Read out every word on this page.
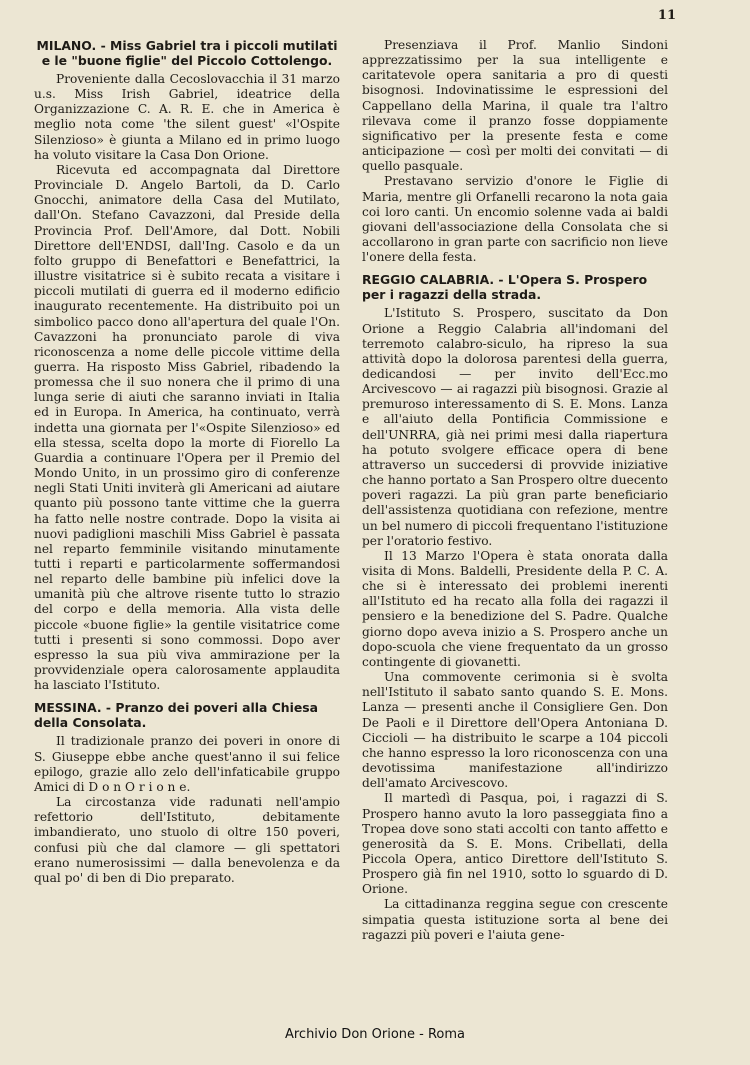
11
MILANO. - Miss Gabriel tra i piccoli mutilati e le "buone figlie" del Piccolo Cottolengo.

Proveniente dalla Cecoslovacchia il 31 marzo u.s. Miss Irish Gabriel, ideatrice della Organizzazione C. A. R. E. che in America è meglio nota come 'the silent guest' «l'Ospite Silenzioso» è giunta a Milano ed in primo luogo ha voluto visitare la Casa Don Orione.

Ricevuta ed accompagnata dal Direttore Provinciale D. Angelo Bartoli, da D. Carlo Gnocchi, animatore della Casa del Mutilato, dall'On. Stefano Cavazzoni, dal Preside della Provincia Prof. Dell'Amore, dal Dott. Nobili Direttore dell'ENDSI, dall'Ing. Casolo e da un folto gruppo di Benefattori e Benefattrici, la illustre visitatrice si è subito recata a visitare i piccoli mutilati di guerra ed il moderno edificio inaugurato recentemente. Ha distribuito poi un simbolico pacco dono all'apertura del quale l'On. Cavazzoni ha pronunciato parole di viva riconoscenza a nome delle piccole vittime della guerra. Ha risposto Miss Gabriel, ribadendo la promessa che il suo nonera che il primo di una lunga serie di aiuti che saranno inviati in Italia ed in Europa. In America, ha continuato, verrà indetta una giornata per l'«Ospite Silenzioso» ed ella stessa, scelta dopo la morte di Fiorello La Guardia a continuare l'Opera per il Premio del Mondo Unito, in un prossimo giro di conferenze negli Stati Uniti inviterà gli Americani ad aiutare quanto più possono tante vittime che la guerra ha fatto nelle nostre contrade. Dopo la visita ai nuovi padiglioni maschili Miss Gabriel è passata nel reparto femminile visitando minutamente tutti i reparti e particolarmente soffermandosi nel reparto delle bambine più infelici dove la umanità più che altrove risente tutto lo strazio del corpo e della memoria. Alla vista delle piccole «buone figlie» la gentile visitatrice come tutti i presenti si sono commossi. Dopo aver espresso la sua più viva ammirazione per la provvidenziale opera calorosamente applaudita ha lasciato l'Istituto.

MESSINA. - Pranzo dei poveri alla Chiesa della Consolata.

Il tradizionale pranzo dei poveri in onore di S. Giuseppe ebbe anche quest'anno il sui felice epilogo, grazie allo zelo dell'infaticabile gruppo Amici di D o n O r i o n e.

La circostanza vide radunati nell'ampio refettorio dell'Istituto, debitamente imbandierato, uno stuolo di oltre 150 poveri, confusi più che dal clamore — gli spettatori erano numerosissimi — dalla benevolenza e da qual po' di ben di Dio preparato.

Presenziava il Prof. Manlio Sindoni apprezzatissimo per la sua intelligente e caritatevole opera sanitaria a pro di questi bisognosi. Indovinatissime le espressioni del Cappellano della Marina, il quale tra l'altro rilevava come il pranzo fosse doppiamente significativo per la presente festa e come anticipazione — così per molti dei convitati — di quello pasquale.

Prestavano servizio d'onore le Figlie di Maria, mentre gli Orfanelli recarono la nota gaia coi loro canti. Un encomio solenne vada ai baldi giovani dell'associazione della Consolata che si accollarono in gran parte con sacrificio non lieve l'onere della festa.

REGGIO CALABRIA. - L'Opera S. Prospero per i ragazzi della strada.

L'Istituto S. Prospero, suscitato da Don Orione a Reggio Calabria all'indomani del terremoto calabro-siculo, ha ripreso la sua attività dopo la dolorosa parentesi della guerra, dedicandosi — per invito dell'Ecc.mo Arcivescovo — ai ragazzi più bisognosi. Grazie al premuroso interessamento di S. E. Mons. Lanza e all'aiuto della Pontificia Commissione e dell'UNRRA, già nei primi mesi dalla riapertura ha potuto svolgere efficace opera di bene attraverso un succedersi di provvide iniziative che hanno portato a San Prospero oltre duecento poveri ragazzi. La più gran parte beneficiario dell'assistenza quotidiana con refezione, mentre un bel numero di piccoli frequentano l'istituzione per l'oratorio festivo.

Il 13 Marzo l'Opera è stata onorata dalla visita di Mons. Baldelli, Presidente della P. C. A. che si è interessato dei problemi inerenti all'Istituto ed ha recato alla folla dei ragazzi il pensiero e la benedizione del S. Padre. Qualche giorno dopo aveva inizio a S. Prospero anche un dopo-scuola che viene frequentato da un grosso contingente di giovanetti.

Una commovente cerimonia si è svolta nell'Istituto il sabato santo quando S. E. Mons. Lanza — presenti anche il Consigliere Gen. Don De Paoli e il Direttore dell'Opera Antoniana D. Ciccioli — ha distribuito le scarpe a 104 piccoli che hanno espresso la loro riconoscenza con una devotissima manifestazione all'indirizzo dell'amato Arcivescovo.

Il martedì di Pasqua, poi, i ragazzi di S. Prospero hanno avuto la loro passeggiata fino a Tropea dove sono stati accolti con tanto affetto e generosità da S. E. Mons. Cribellati, della Piccola Opera, antico Direttore dell'Istituto S. Prospero già fin nel 1910, sotto lo sguardo di D. Orione.

La cittadinanza reggina segue con crescente simpatia questa istituzione sorta al bene dei ragazzi più poveri e l'aiuta gene-

Archivio Don Orione - Roma
